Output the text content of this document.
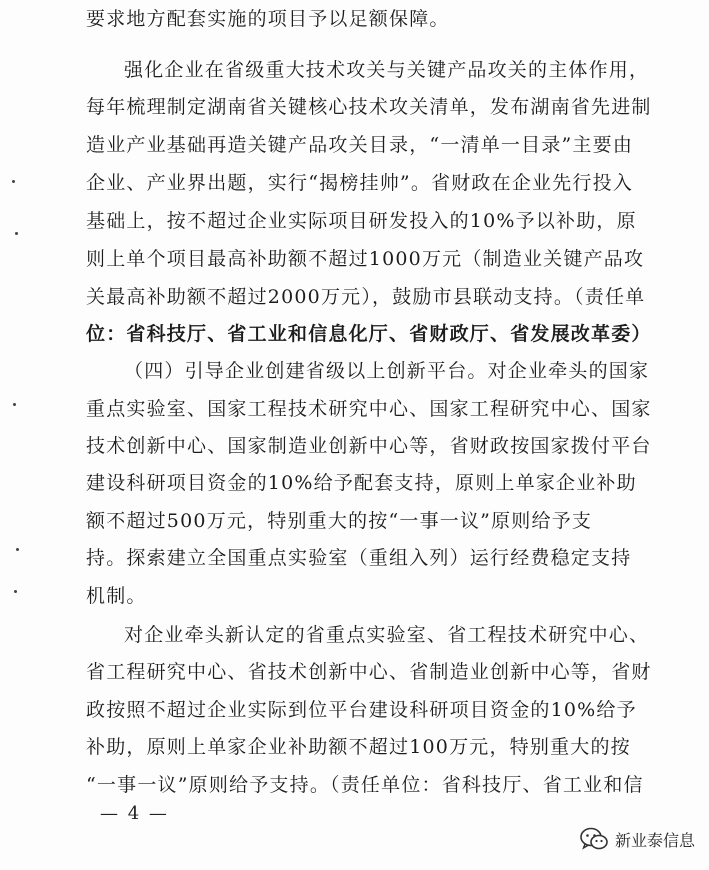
要求地方配套实施的项目予以足额保障。
强化企业在省级重大技术攻关与关键产品攻关的主体作用，
每年梳理制定湖南省关键核心技术攻关清单，发布湖南省先进制
造业产业基础再造关键产品攻关目录，“一清单一目录”主要由
企业、产业界出题，实行“揭榜挂帅”。省财政在企业先行投入
基础上，按不超过企业实际项目研发投入的10%予以补助，原
则上单个项目最高补助额不超过1000万元（制造业关键产品攻
关最高补助额不超过2000万元），鼓励市县联动支持。（责任单
位：省科技厅、省工业和信息化厅、省财政厅、省发展改革委）
（四）引导企业创建省级以上创新平台。对企业牵头的国家
重点实验室、国家工程技术研究中心、国家工程研究中心、国家
技术创新中心、国家制造业创新中心等，省财政按国家拨付平台
建设科研项目资金的10%给予配套支持，原则上单家企业补助
额不超过500万元，特别重大的按“一事一议”原则给予支
持。探索建立全国重点实验室（重组入列）运行经费稳定支持
机制。
对企业牵头新认定的省重点实验室、省工程技术研究中心、
省工程研究中心、省技术创新中心、省制造业创新中心等，省财
政按照不超过企业实际到位平台建设科研项目资金的10%给予
补助，原则上单家企业补助额不超过100万元，特别重大的按
“一事一议”原则给予支持。（责任单位：省科技厅、省工业和信
— 4 —
新业泰信息
